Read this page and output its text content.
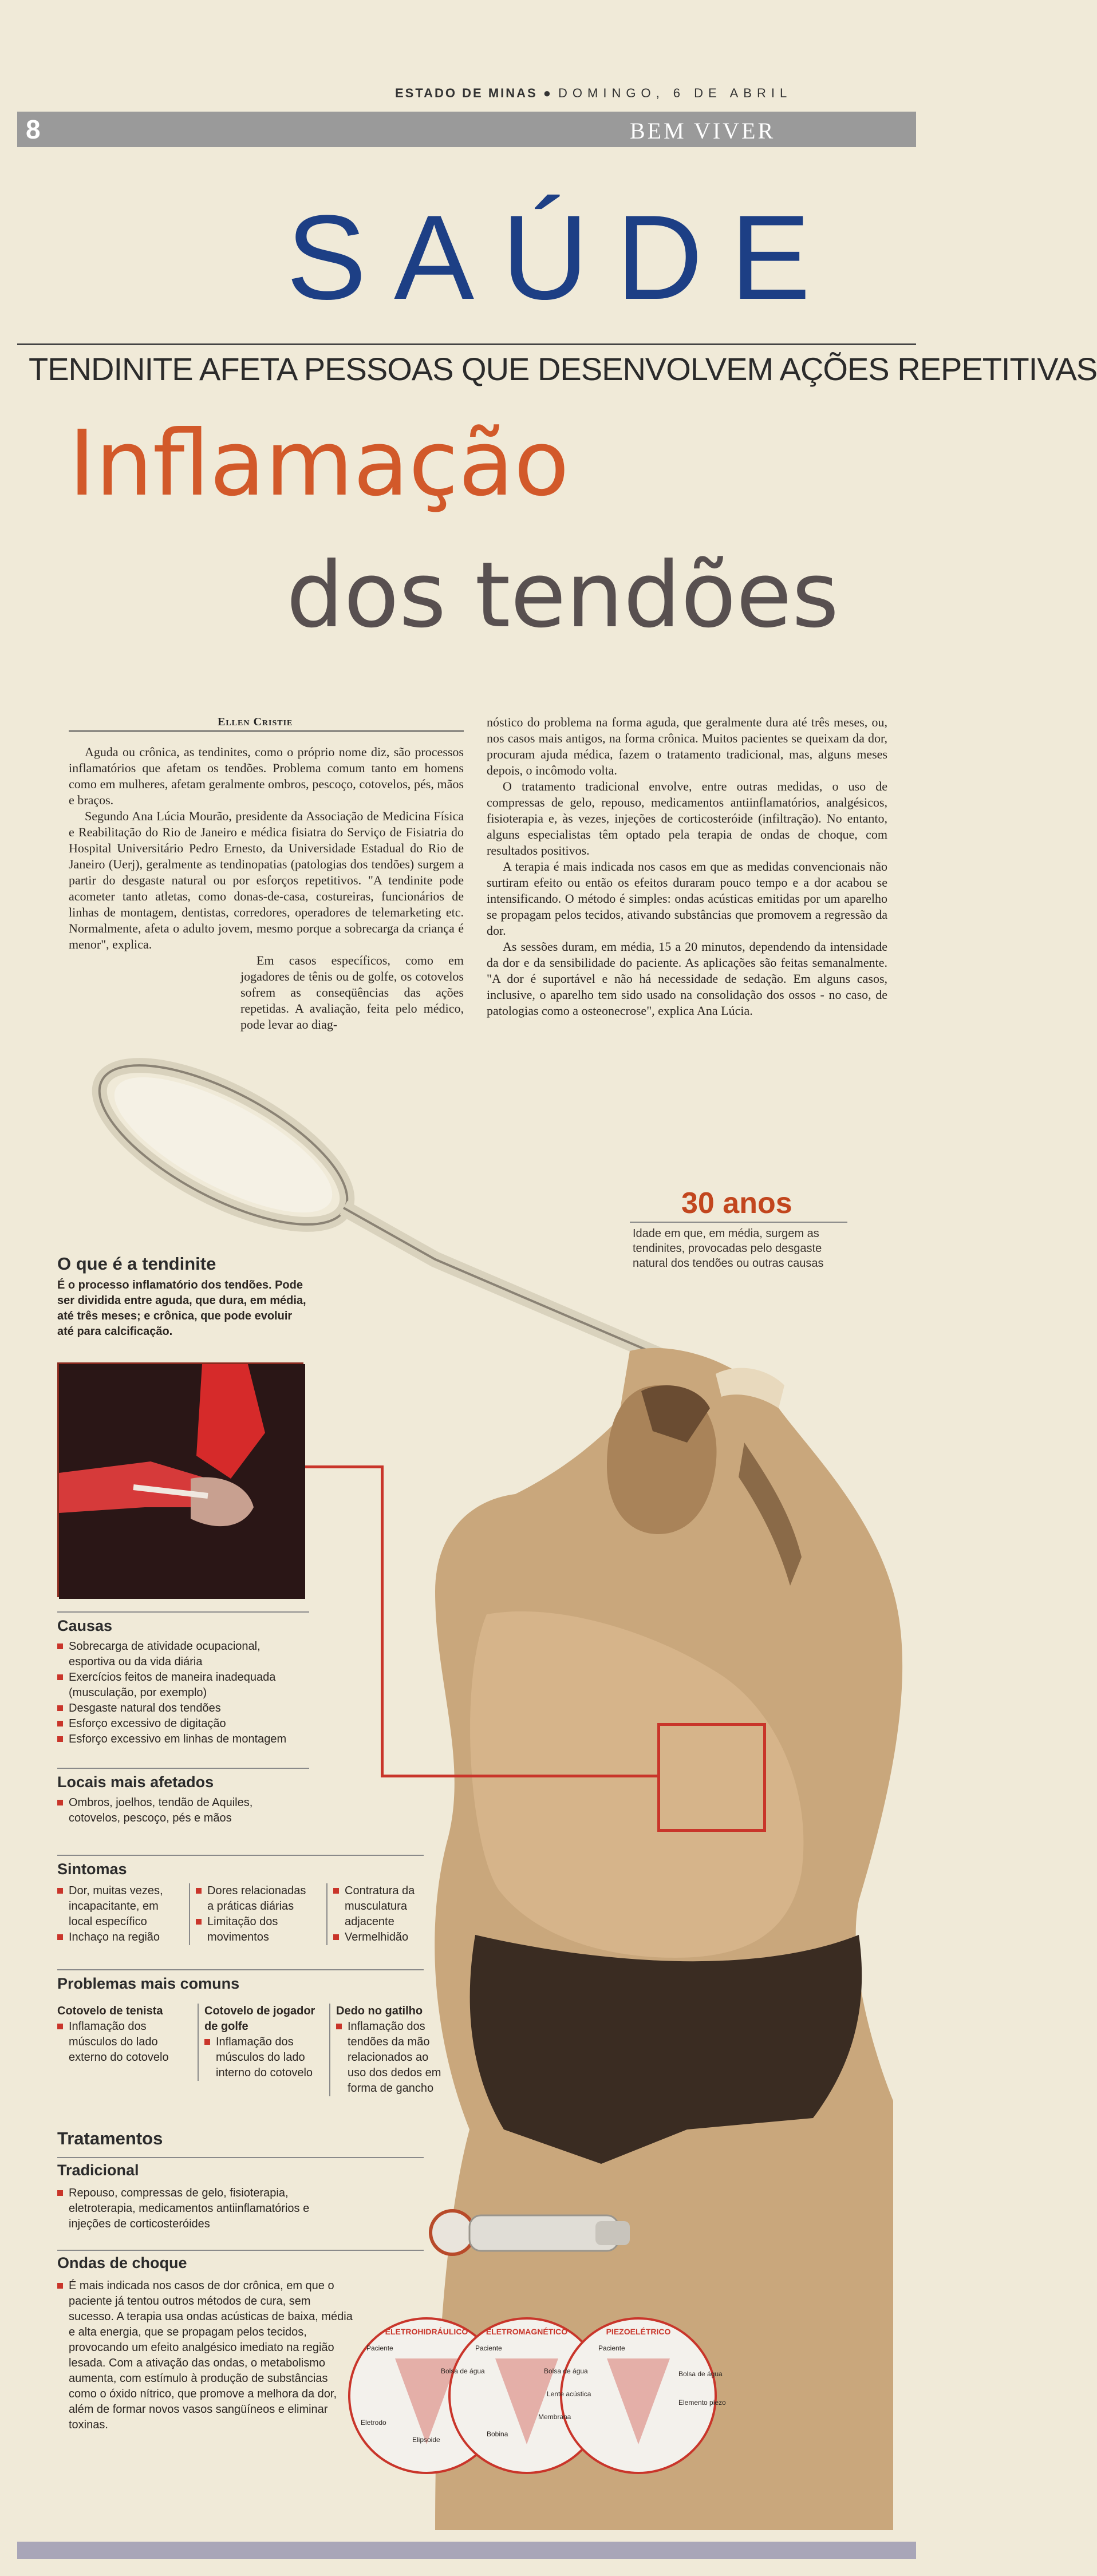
ESTADO DE MINAS ● DOMINGO, 6 DE ABRIL
8	BEM VIVER
SAÚDE
TENDINITE AFETA PESSOAS QUE DESENVOLVEM AÇÕES REPETITIVAS
Inflamação
dos tendões
Ellen Cristie

Aguda ou crônica, as tendinites, como o próprio nome diz, são processos inflamatórios que afetam os tendões. Problema comum tanto em homens como em mulheres, afetam geralmente ombros, pescoço, cotovelos, pés, mãos e braços.

Segundo Ana Lúcia Mourão, presidente da Associação de Medicina Física e Reabilitação do Rio de Janeiro e médica fisiatra do Serviço de Fisiatria do Hospital Universitário Pedro Ernesto, da Universidade Estadual do Rio de Janeiro (Uerj), geralmente as tendinopatias (patologias dos tendões) surgem a partir do desgaste natural ou por esforços repetitivos. "A tendinite pode acometer tanto atletas, como donas-de-casa, costureiras, funcionários de linhas de montagem, dentistas, corredores, operadores de telemarketing etc. Normalmente, afeta o adulto jovem, mesmo porque a sobrecarga da criança é menor", explica.

Em casos específicos, como em jogadores de tênis ou de golfe, os cotovelos sofrem as conseqüências das ações repetidas. A avaliação, feita pelo médico, pode levar ao diag-

nóstico do problema na forma aguda, que geralmente dura até três meses, ou, nos casos mais antigos, na forma crônica. Muitos pacientes se queixam da dor, procuram ajuda médica, fazem o tratamento tradicional, mas, alguns meses depois, o incômodo volta.

O tratamento tradicional envolve, entre outras medidas, o uso de compressas de gelo, repouso, medicamentos antiinflamatórios, analgésicos, fisioterapia e, às vezes, injeções de corticosteróide (infiltração). No entanto, alguns especialistas têm optado pela terapia de ondas de choque, com resultados positivos.

A terapia é mais indicada nos casos em que as medidas convencionais não surtiram efeito ou então os efeitos duraram pouco tempo e a dor acabou se intensificando. O método é simples: ondas acústicas emitidas por um aparelho se propagam pelos tecidos, ativando substâncias que promovem a regressão da dor.

As sessões duram, em média, 15 a 20 minutos, dependendo da intensidade da dor e da sensibilidade do paciente. As aplicações são feitas semanalmente. "A dor é suportável e não há necessidade de sedação. Em alguns casos, inclusive, o aparelho tem sido usado na consolidação dos ossos - no caso, de patologias como a osteonecrose", explica Ana Lúcia.

ELETROHIDRÁULICO	ELETROMAGNÉTICO	PIEZOELÉTRICO
Paciente
Bolsa de água
Eletrodo
Elipsoide
Paciente
Bolsa de água
Lente acústica
Membrana
Bobina
Paciente
Bolsa de água
Elemento piezo
30 anos
Idade em que, em média, surgem as tendinites, provocadas pelo desgaste natural dos tendões ou outras causas
O que é a tendinite
É o processo inflamatório dos tendões. Pode ser dividida entre aguda, que dura, em média, até três meses; e crônica, que pode evoluir até para calcificação.
Causas
Sobrecarga de atividade ocupacional, esportiva ou da vida diária
Exercícios feitos de maneira inadequada (musculação, por exemplo)
Desgaste natural dos tendões
Esforço excessivo de digitação
Esforço excessivo em linhas de montagem
Locais mais afetados
Ombros, joelhos, tendão de Aquiles, cotovelos, pescoço, pés e mãos
Sintomas
Dor, muitas vezes, incapacitante, em local específico
Inchaço na região
Dores relacionadas a práticas diárias
Limitação dos movimentos
Contratura da musculatura adjacente
Vermelhidão
Problemas mais comuns
Cotovelo de tenista
Inflamação dos músculos do lado externo do cotovelo
Cotovelo de jogador de golfe
Inflamação dos músculos do lado interno do cotovelo
Dedo no gatilho
Inflamação dos tendões da mão relacionados ao uso dos dedos em forma de gancho
Tratamentos
Tradicional
Repouso, compressas de gelo, fisioterapia, eletroterapia, medicamentos antiinflamatórios e injeções de corticosteróides
Ondas de choque
É mais indicada nos casos de dor crônica, em que o paciente já tentou outros métodos de cura, sem sucesso. A terapia usa ondas acústicas de baixa, média e alta energia, que se propagam pelos tecidos, provocando um efeito analgésico imediato na região lesada. Com a ativação das ondas, o metabolismo aumenta, com estímulo à produção de substâncias como o óxido nítrico, que promove a melhora da dor, além de formar novos vasos sangüíneos e eliminar toxinas.
